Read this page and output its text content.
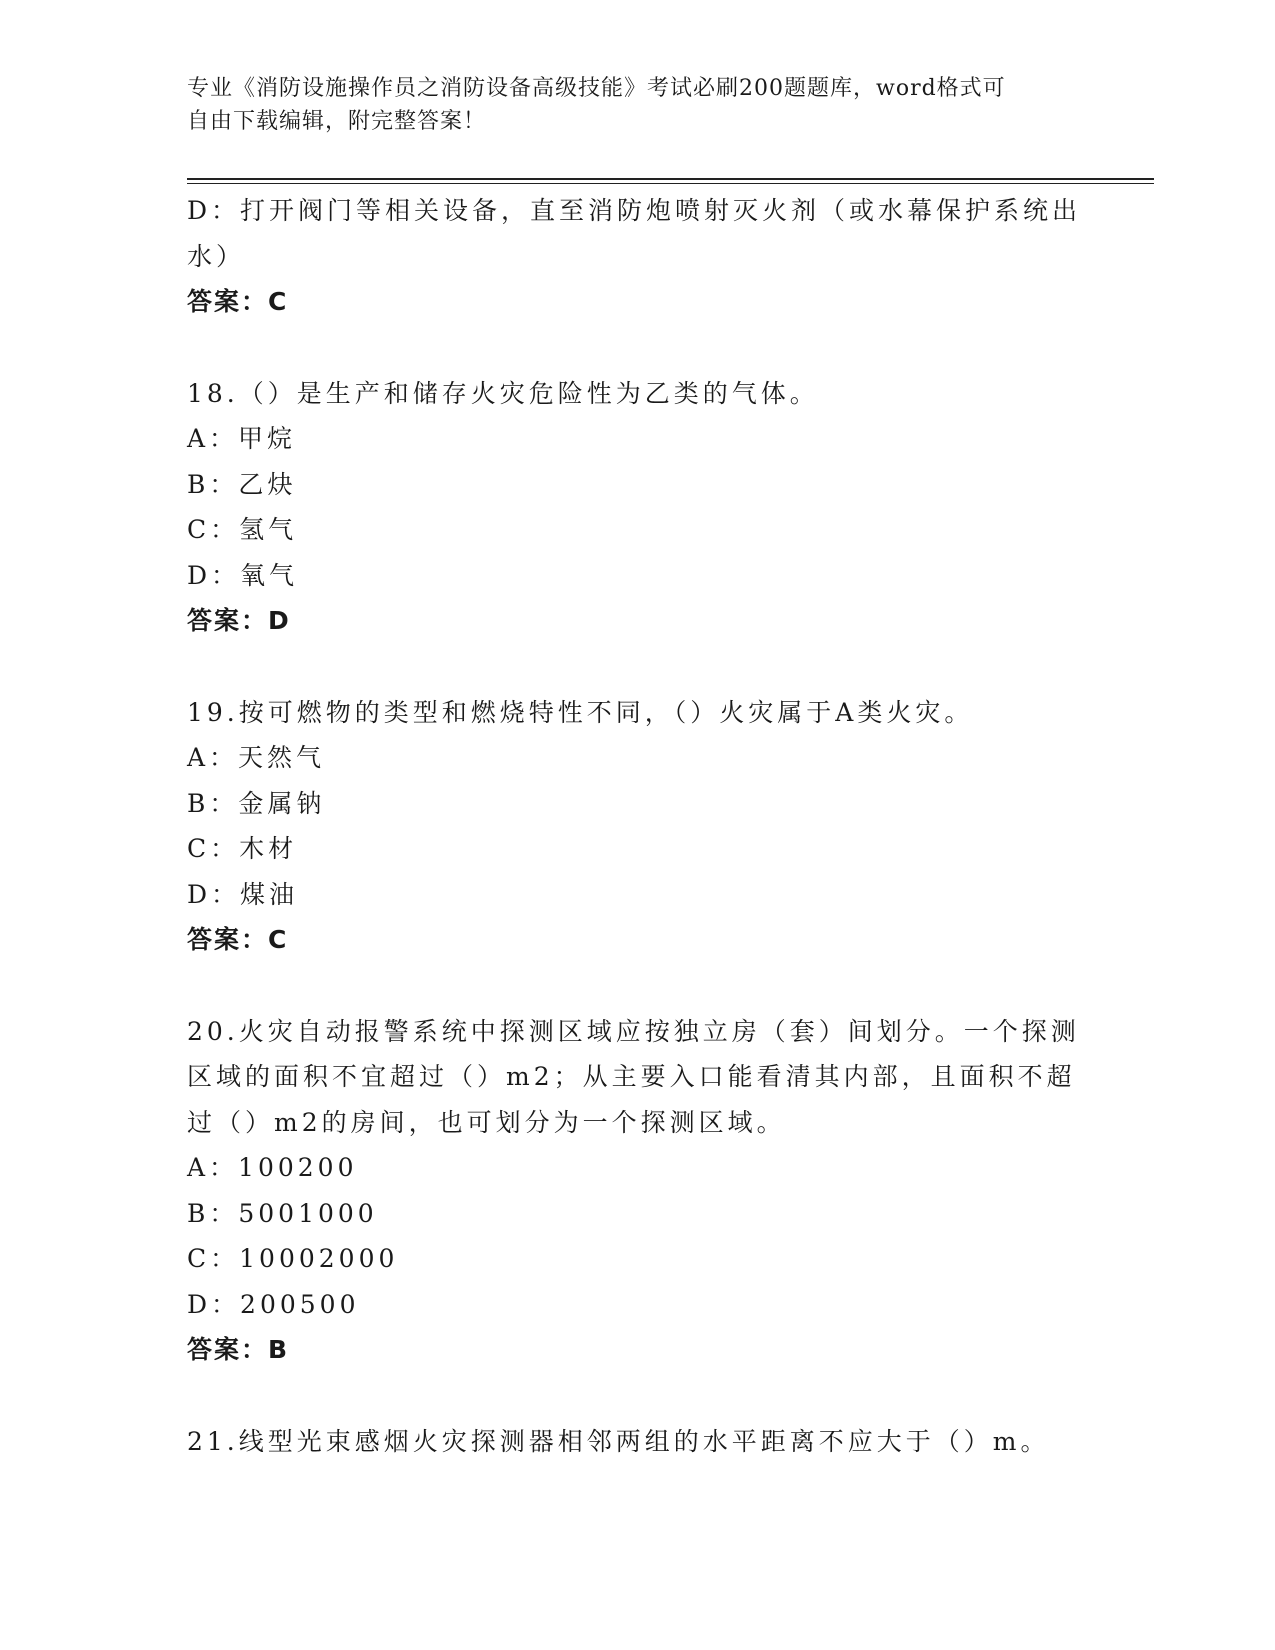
专业《消防设施操作员之消防设备高级技能》考试必刷200题题库，word格式可
自由下载编辑，附完整答案！
D：打开阀门等相关设备，直至消防炮喷射灭火剂（或水幕保护系统出
水）
答案：C
18.（）是生产和储存火灾危险性为乙类的气体。
A：甲烷
B：乙炔
C：氢气
D：氧气
答案：D
19.按可燃物的类型和燃烧特性不同，（）火灾属于A类火灾。
A：天然气
B：金属钠
C：木材
D：煤油
答案：C
20.火灾自动报警系统中探测区域应按独立房（套）间划分。一个探测
区域的面积不宜超过（）m2；从主要入口能看清其内部，且面积不超
过（）m2的房间，也可划分为一个探测区域。
A：100200
B：5001000
C：10002000
D：200500
答案：B
21.线型光束感烟火灾探测器相邻两组的水平距离不应大于（）m。
